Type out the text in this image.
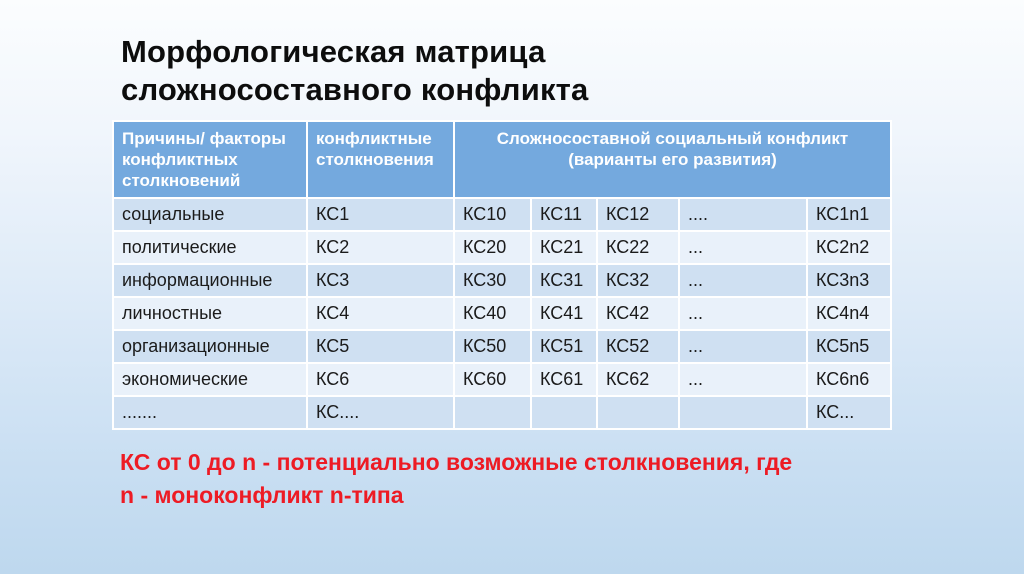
Морфологическая матрица
сложносоставного конфликта
Причины/ факторы конфликтных столкновений	конфликтные столкновения	Сложносоставной социальный конфликт
(варианты его развития)				
социальные	КС1	КС10	КС11	КС12	....	КС1n1
политические	КС2	КС20	КС21	КС22	...	КС2n2
информационные	КС3	КС30	КС31	КС32	...	КС3n3
личностные	КС4	КС40	КС41	КС42	...	КС4n4
организационные	КС5	КС50	КС51	КС52	...	КС5n5
экономические	КС6	КС60	КС61	КС62	...	КС6n6
.......	КС....					КС...

КС от 0 до n - потенциально возможные столкновения, где
n - моноконфликт n-типа
